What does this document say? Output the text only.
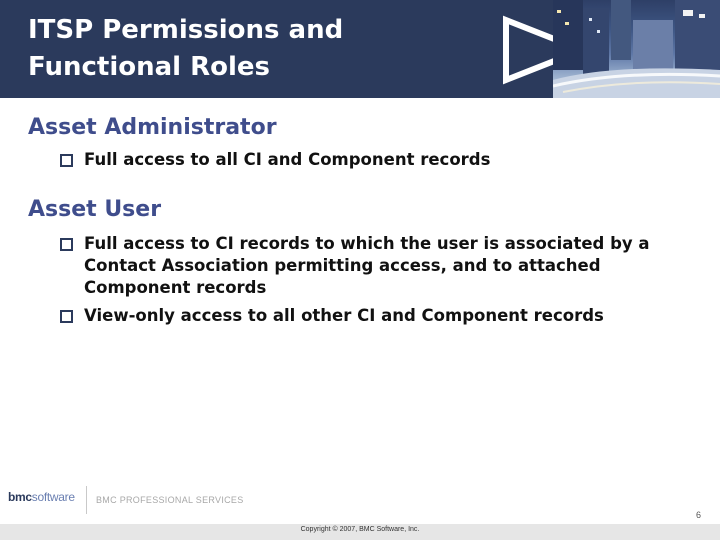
ITSP Permissions and
Functional Roles
Asset Administrator
Full access to all CI and Component records
Asset User
Full access to CI records to which the user is associated by a Contact Association permitting access, and to attached Component records
View-only access to all other CI and Component records
bmcsoftware	BMC PROFESSIONAL SERVICES
6
Copyright © 2007, BMC Software, Inc.
